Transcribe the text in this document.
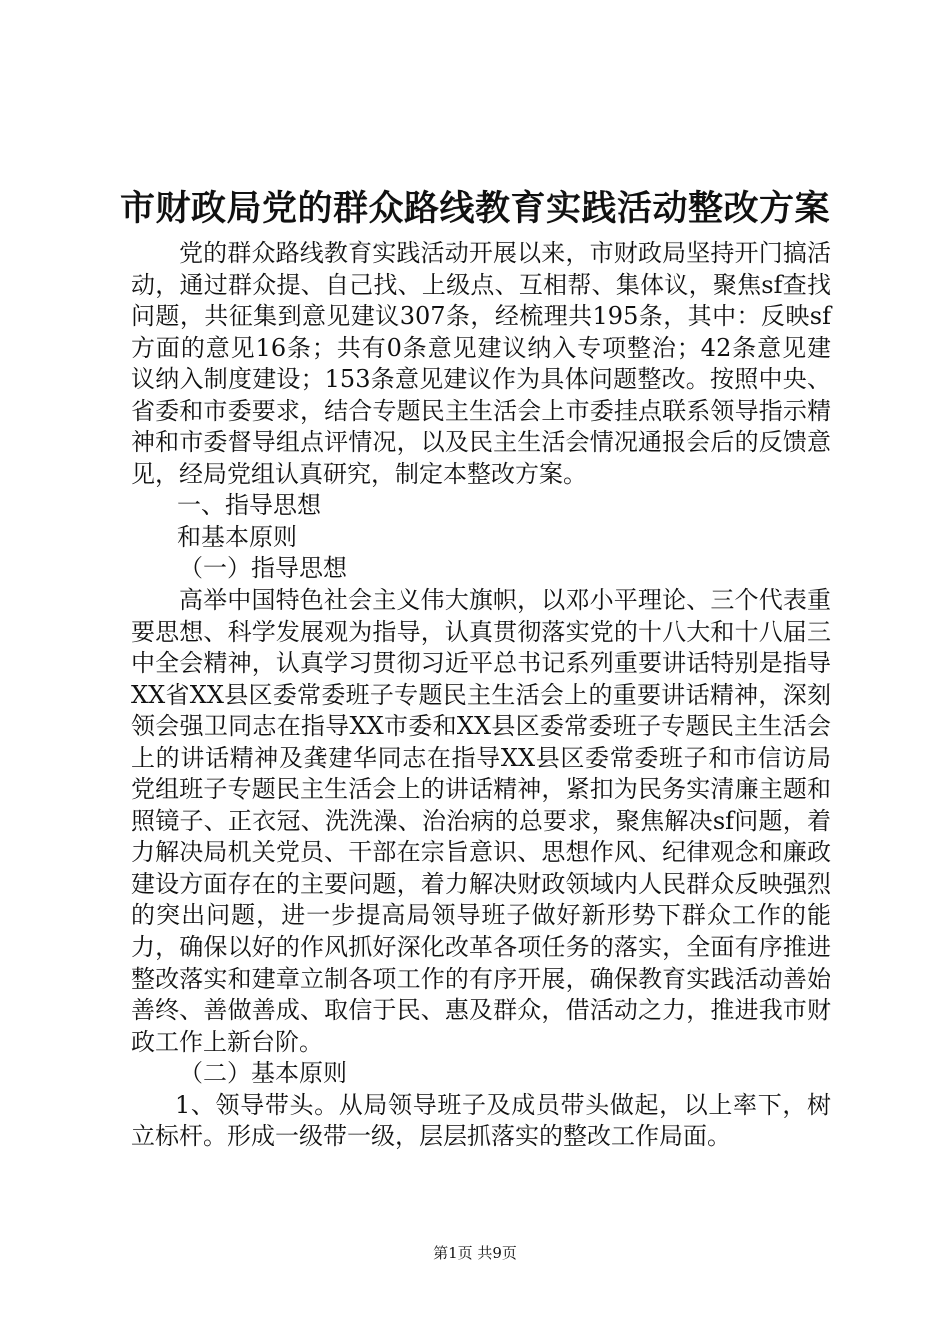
市财政局党的群众路线教育实践活动整改方案

党的群众路线教育实践活动开展以来，市财政局坚持开门搞活动，通过群众提、自己找、上级点、互相帮、集体议，聚焦sf查找问题，共征集到意见建议307条，经梳理共195条，其中：反映sf方面的意见16条；共有0条意见建议纳入专项整治；42条意见建议纳入制度建设；153条意见建议作为具体问题整改。按照中央、省委和市委要求，结合专题民主生活会上市委挂点联系领导指示精神和市委督导组点评情况，以及民主生活会情况通报会后的反馈意见，经局党组认真研究，制定本整改方案。

一、指导思想

和基本原则

（一）指导思想

高举中国特色社会主义伟大旗帜，以邓小平理论、三个代表重要思想、科学发展观为指导，认真贯彻落实党的十八大和十八届三中全会精神，认真学习贯彻习近平总书记系列重要讲话特别是指导XX省XX县区委常委班子专题民主生活会上的重要讲话精神，深刻领会强卫同志在指导XX市委和XX县区委常委班子专题民主生活会上的讲话精神及龚建华同志在指导XX县区委常委班子和市信访局党组班子专题民主生活会上的讲话精神，紧扣为民务实清廉主题和照镜子、正衣冠、洗洗澡、治治病的总要求，聚焦解决sf问题，着力解决局机关党员、干部在宗旨意识、思想作风、纪律观念和廉政建设方面存在的主要问题，着力解决财政领域内人民群众反映强烈的突出问题，进一步提高局领导班子做好新形势下群众工作的能力，确保以好的作风抓好深化改革各项任务的落实，全面有序推进整改落实和建章立制各项工作的有序开展，确保教育实践活动善始善终、善做善成、取信于民、惠及群众，借活动之力，推进我市财政工作上新台阶。

（二）基本原则

1、领导带头。从局领导班子及成员带头做起，以上率下，树立标杆。形成一级带一级，层层抓落实的整改工作局面。

第1页 共9页
